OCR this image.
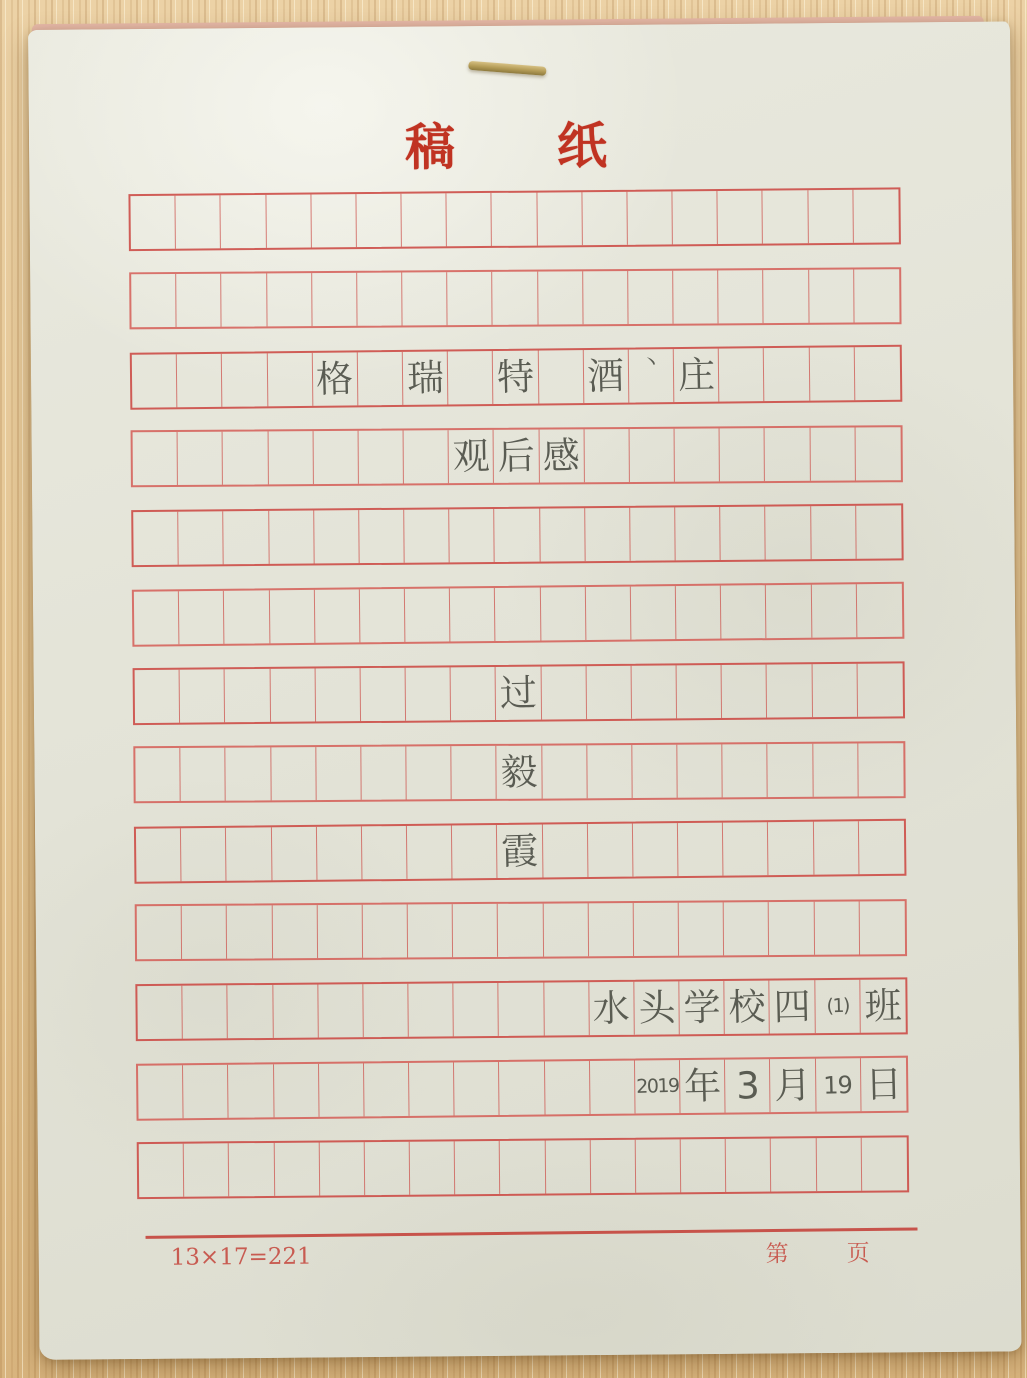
稿 纸
格 瑞 特 酒 丶 庄
观 后 感
过
毅
霞
水 头 学 校 四 (1) 班
2019 年 3 月 19 日
13×17=221	第	页
